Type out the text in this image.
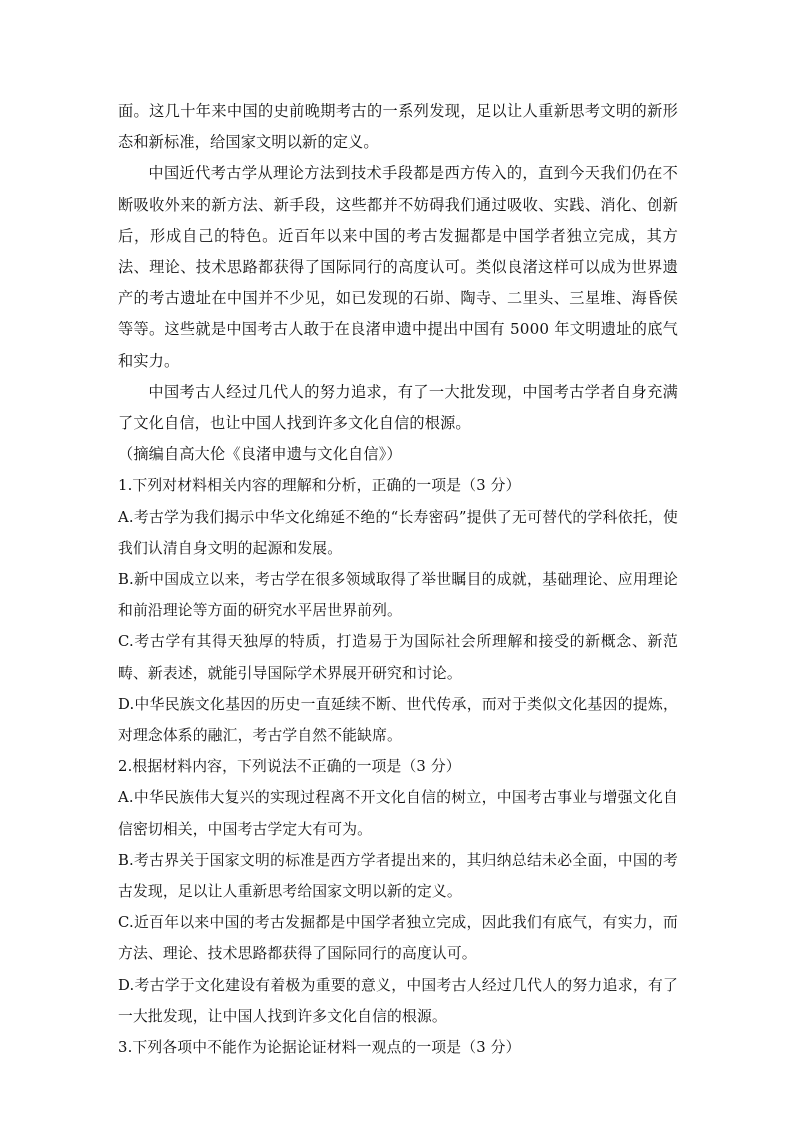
面。这几十年来中国的史前晚期考古的一系列发现，足以让人重新思考文明的新形态和新标准，给国家文明以新的定义。

中国近代考古学从理论方法到技术手段都是西方传入的，直到今天我们仍在不断吸收外来的新方法、新手段，这些都并不妨碍我们通过吸收、实践、消化、创新后，形成自己的特色。近百年以来中国的考古发掘都是中国学者独立完成，其方法、理论、技术思路都获得了国际同行的高度认可。类似良渚这样可以成为世界遗产的考古遗址在中国并不少见，如已发现的石峁、陶寺、二里头、三星堆、海昏侯等等。这些就是中国考古人敢于在良渚申遗中提出中国有 5000 年文明遗址的底气和实力。

中国考古人经过几代人的努力追求，有了一大批发现，中国考古学者自身充满了文化自信，也让中国人找到许多文化自信的根源。

（摘编自高大伦《良渚申遗与文化自信》）

1.下列对材料相关内容的理解和分析，正确的一项是（3 分）

A.考古学为我们揭示中华文化绵延不绝的“长寿密码”提供了无可替代的学科依托，使我们认清自身文明的起源和发展。

B.新中国成立以来，考古学在很多领域取得了举世瞩目的成就，基础理论、应用理论和前沿理论等方面的研究水平居世界前列。

C.考古学有其得天独厚的特质，打造易于为国际社会所理解和接受的新概念、新范畴、新表述，就能引导国际学术界展开研究和讨论。

D.中华民族文化基因的历史一直延续不断、世代传承，而对于类似文化基因的提炼，对理念体系的融汇，考古学自然不能缺席。

2.根据材料内容，下列说法不正确的一项是（3 分）

A.中华民族伟大复兴的实现过程离不开文化自信的树立，中国考古事业与增强文化自信密切相关，中国考古学定大有可为。

B.考古界关于国家文明的标准是西方学者提出来的，其归纳总结未必全面，中国的考古发现，足以让人重新思考给国家文明以新的定义。

C.近百年以来中国的考古发掘都是中国学者独立完成，因此我们有底气，有实力，而方法、理论、技术思路都获得了国际同行的高度认可。

D.考古学于文化建设有着极为重要的意义，中国考古人经过几代人的努力追求，有了一大批发现，让中国人找到许多文化自信的根源。

3.下列各项中不能作为论据论证材料一观点的一项是（3 分）
